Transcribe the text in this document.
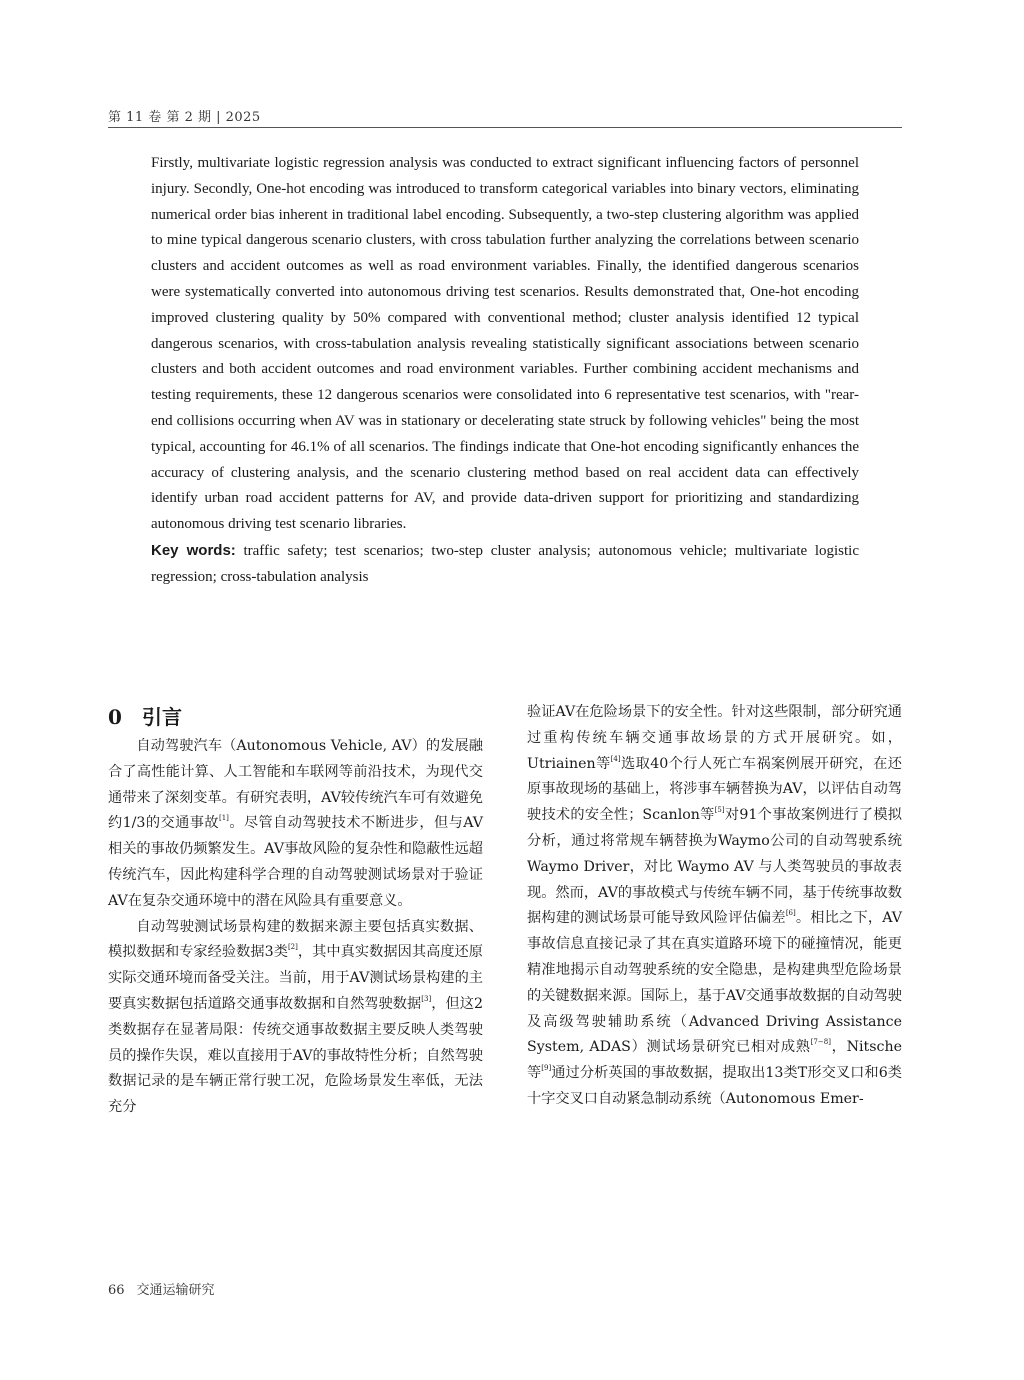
第 11 卷 第 2 期 | 2025

Firstly, multivariate logistic regression analysis was conducted to extract significant influencing factors of personnel injury. Secondly, One-hot encoding was introduced to transform categorical variables into binary vectors, eliminating numerical order bias inherent in traditional label encoding. Subsequently, a two-step clustering algorithm was applied to mine typical dangerous scenario clusters, with cross tabulation further analyzing the correlations between scenario clusters and accident outcomes as well as road environment variables. Finally, the identified dangerous scenarios were systematically converted into autonomous driving test scenarios. Results demonstrated that, One-hot encoding improved clustering quality by 50% compared with conventional method; cluster analysis identified 12 typical dangerous scenarios, with cross-tabulation analysis revealing statistically significant associations between scenario clusters and both accident outcomes and road environment variables. Further combining accident mechanisms and testing requirements, these 12 dangerous scenarios were consolidated into 6 representative test scenarios, with "rear-end collisions occurring when AV was in stationary or decelerating state struck by following vehicles" being the most typical, accounting for 46.1% of all scenarios. The findings indicate that One-hot encoding significantly enhances the accuracy of clustering analysis, and the scenario clustering method based on real accident data can effectively identify urban road accident patterns for AV, and provide data-driven support for prioritizing and standardizing autonomous driving test scenario libraries.

Key words: traffic safety; test scenarios; two-step cluster analysis; autonomous vehicle; multivariate logistic regression; cross-tabulation analysis

0 引言

自动驾驶汽车（Autonomous Vehicle, AV）的发展融合了高性能计算、人工智能和车联网等前沿技术，为现代交通带来了深刻变革。有研究表明，AV较传统汽车可有效避免约1/3的交通事故[1]。尽管自动驾驶技术不断进步，但与AV相关的事故仍频繁发生。AV事故风险的复杂性和隐蔽性远超传统汽车，因此构建科学合理的自动驾驶测试场景对于验证AV在复杂交通环境中的潜在风险具有重要意义。

自动驾驶测试场景构建的数据来源主要包括真实数据、模拟数据和专家经验数据3类[2]，其中真实数据因其高度还原实际交通环境而备受关注。当前，用于AV测试场景构建的主要真实数据包括道路交通事故数据和自然驾驶数据[3]，但这2类数据存在显著局限：传统交通事故数据主要反映人类驾驶员的操作失误，难以直接用于AV的事故特性分析；自然驾驶数据记录的是车辆正常行驶工况，危险场景发生率低，无法充分

验证AV在危险场景下的安全性。针对这些限制，部分研究通过重构传统车辆交通事故场景的方式开展研究。如，Utriainen等[4]选取40个行人死亡车祸案例展开研究，在还原事故现场的基础上，将涉事车辆替换为AV，以评估自动驾驶技术的安全性；Scanlon等[5]对91个事故案例进行了模拟分析，通过将常规车辆替换为Waymo公司的自动驾驶系统 Waymo Driver，对比 Waymo AV 与人类驾驶员的事故表现。然而，AV的事故模式与传统车辆不同，基于传统事故数据构建的测试场景可能导致风险评估偏差[6]。相比之下，AV事故信息直接记录了其在真实道路环境下的碰撞情况，能更精准地揭示自动驾驶系统的安全隐患，是构建典型危险场景的关键数据来源。国际上，基于AV交通事故数据的自动驾驶及高级驾驶辅助系统（Advanced Driving Assistance System, ADAS）测试场景研究已相对成熟[7−8]，Nitsche等[9]通过分析英国的事故数据，提取出13类T形交叉口和6类十字交叉口自动紧急制动系统（Autonomous Emer-

66 交通运输研究
